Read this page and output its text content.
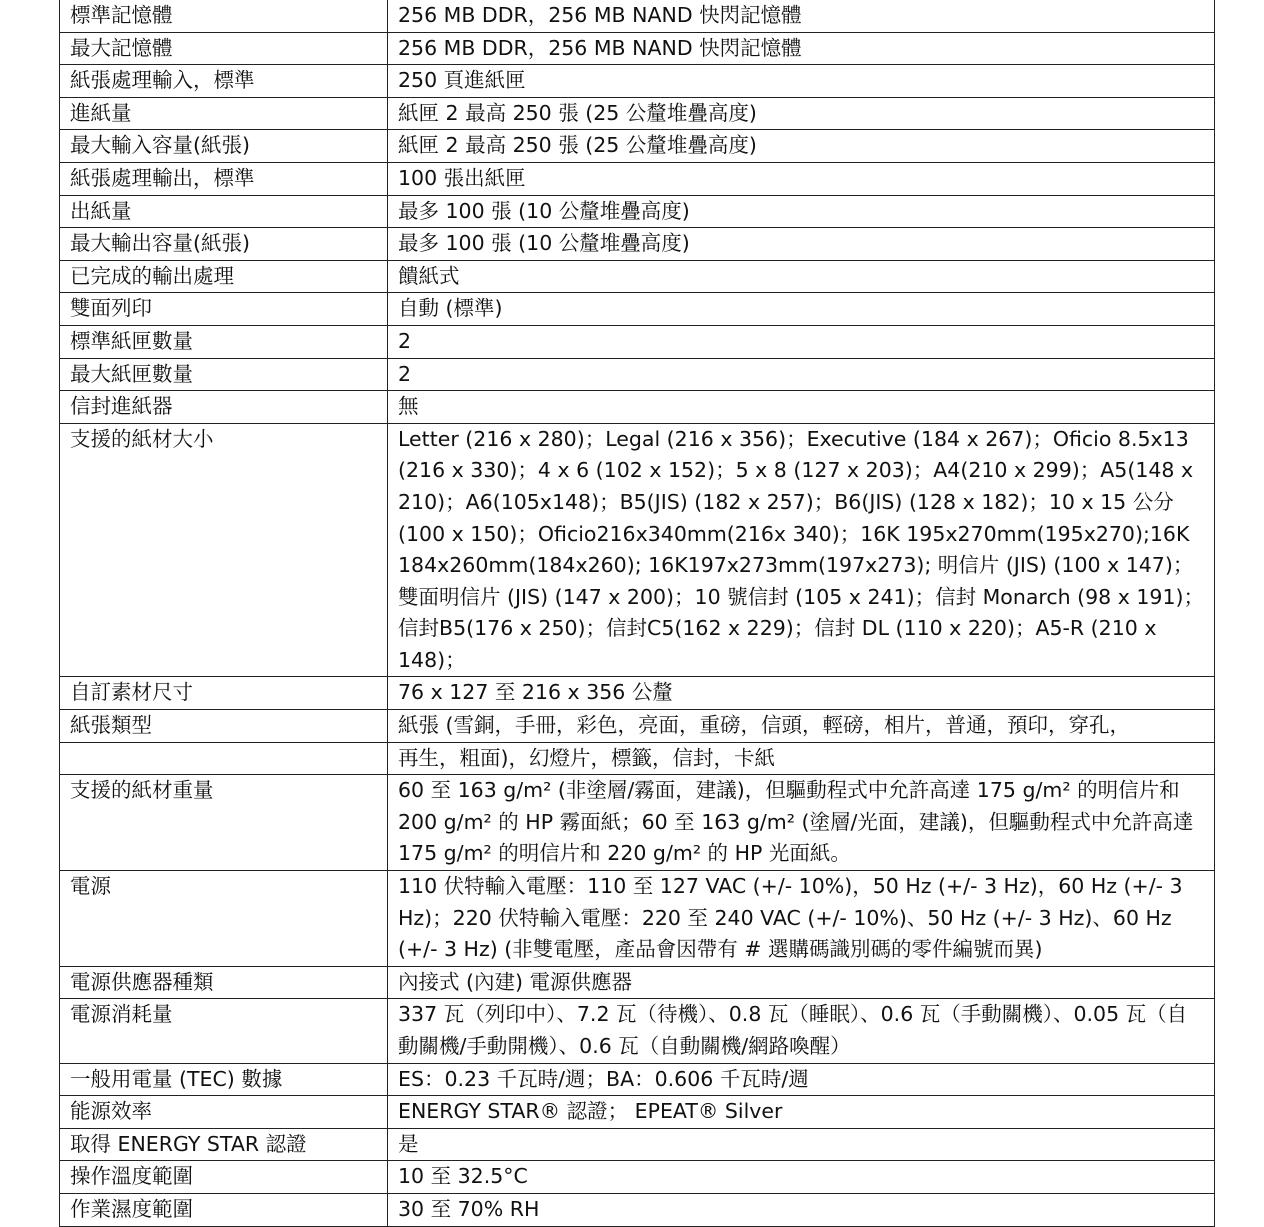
標準記憶體	256 MB DDR，256 MB NAND 快閃記憶體
最大記憶體	256 MB DDR，256 MB NAND 快閃記憶體
紙張處理輸入，標準	250 頁進紙匣
進紙量	紙匣 2 最高 250 張 (25 公釐堆疊高度)
最大輸入容量(紙張)	紙匣 2 最高 250 張 (25 公釐堆疊高度)
紙張處理輸出，標準	100 張出紙匣
出紙量	最多 100 張 (10 公釐堆疊高度)
最大輸出容量(紙張)	最多 100 張 (10 公釐堆疊高度)
已完成的輸出處理	饋紙式
雙面列印	自動 (標準)
標準紙匣數量	2
最大紙匣數量	2
信封進紙器	無
支援的紙材大小	Letter (216 x 280)；Legal (216 x 356)；Executive (184 x 267)；Oficio 8.5x13 (216 x 330)；4 x 6 (102 x 152)；5 x 8 (127 x 203)；A4(210 x 299)；A5(148 x 210)；A6(105x148)；B5(JIS) (182 x 257)；B6(JIS) (128 x 182)；10 x 15 公分 (100 x 150)；Oficio216x340mm(216x 340)；16K 195x270mm(195x270);16K 184x260mm(184x260); 16K197x273mm(197x273); 明信片 (JIS) (100 x 147)；雙面明信片 (JIS) (147 x 200)；10 號信封 (105 x 241)；信封 Monarch (98 x 191)；信封B5(176 x 250)；信封C5(162 x 229)；信封 DL (110 x 220)；A5-R (210 x 148)；
自訂素材尺寸	76 x 127 至 216 x 356 公釐
紙張類型	紙張 (雪銅，手冊，彩色，亮面，重磅，信頭，輕磅，相片，普通，預印，穿孔，
	再生，粗面)，幻燈片，標籤，信封，卡紙
支援的紙材重量	60 至 163 g/m² (非塗層/霧面，建議)，但驅動程式中允許高達 175 g/m² 的明信片和 200 g/m² 的 HP 霧面紙；60 至 163 g/m² (塗層/光面，建議)，但驅動程式中允許高達 175 g/m² 的明信片和 220 g/m² 的 HP 光面紙。
電源	110 伏特輸入電壓：110 至 127 VAC (+/- 10%)，50 Hz (+/- 3 Hz)，60 Hz (+/- 3 Hz)；220 伏特輸入電壓：220 至 240 VAC (+/- 10%)、50 Hz (+/- 3 Hz)、60 Hz (+/- 3 Hz) (非雙電壓，產品會因帶有 # 選購碼識別碼的零件編號而異)
電源供應器種類	內接式 (內建) 電源供應器
電源消耗量	337 瓦（列印中）、7.2 瓦（待機）、0.8 瓦（睡眠）、0.6 瓦（手動關機）、0.05 瓦（自動關機/手動開機）、0.6 瓦（自動關機/網路喚醒）
一般用電量 (TEC) 數據	ES：0.23 千瓦時/週；BA：0.606 千瓦時/週
能源效率	ENERGY STAR® 認證； EPEAT® Silver
取得 ENERGY STAR 認證	是
操作溫度範圍	10 至 32.5°C
作業濕度範圍	30 至 70% RH
